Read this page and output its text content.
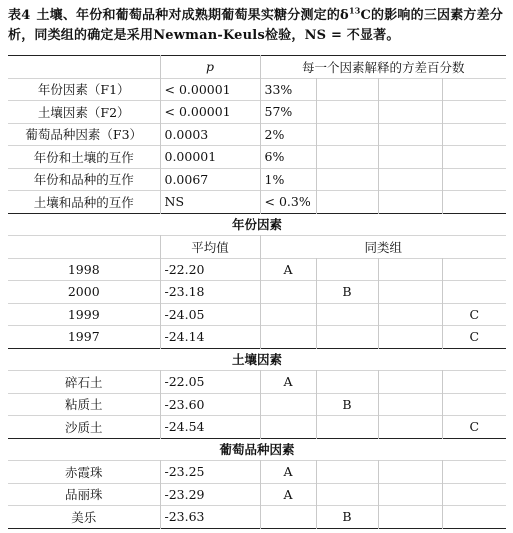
表4 土壤、年份和葡萄品种对成熟期葡萄果实糖分测定的$\delta^{13}C$的影响的三因素方差分析，同类组的确定是采用Newman-Keuls检验，NS = 不显著。
	p	每一个因素解释的方差百分数			
年份因素（F1）	< 0.00001	33%			
土壤因素（F2）	< 0.00001	57%			
葡萄品种因素（F3）	0.0003	2%			
年份和土壤的互作	0.00001	6%			
年份和品种的互作	0.0067	1%			
土壤和品种的互作	NS	< 0.3%			
年份因素					
	平均值	同类组			
1998	-22.20	A			
2000	-23.18		B		
1999	-24.05				C
1997	-24.14				C
土壤因素					
碎石土	-22.05	A			
粘质土	-23.60		B		
沙质土	-24.54				C
葡萄品种因素					
赤霞珠	-23.25	A			
品丽珠	-23.29	A			
美乐	-23.63		B		
